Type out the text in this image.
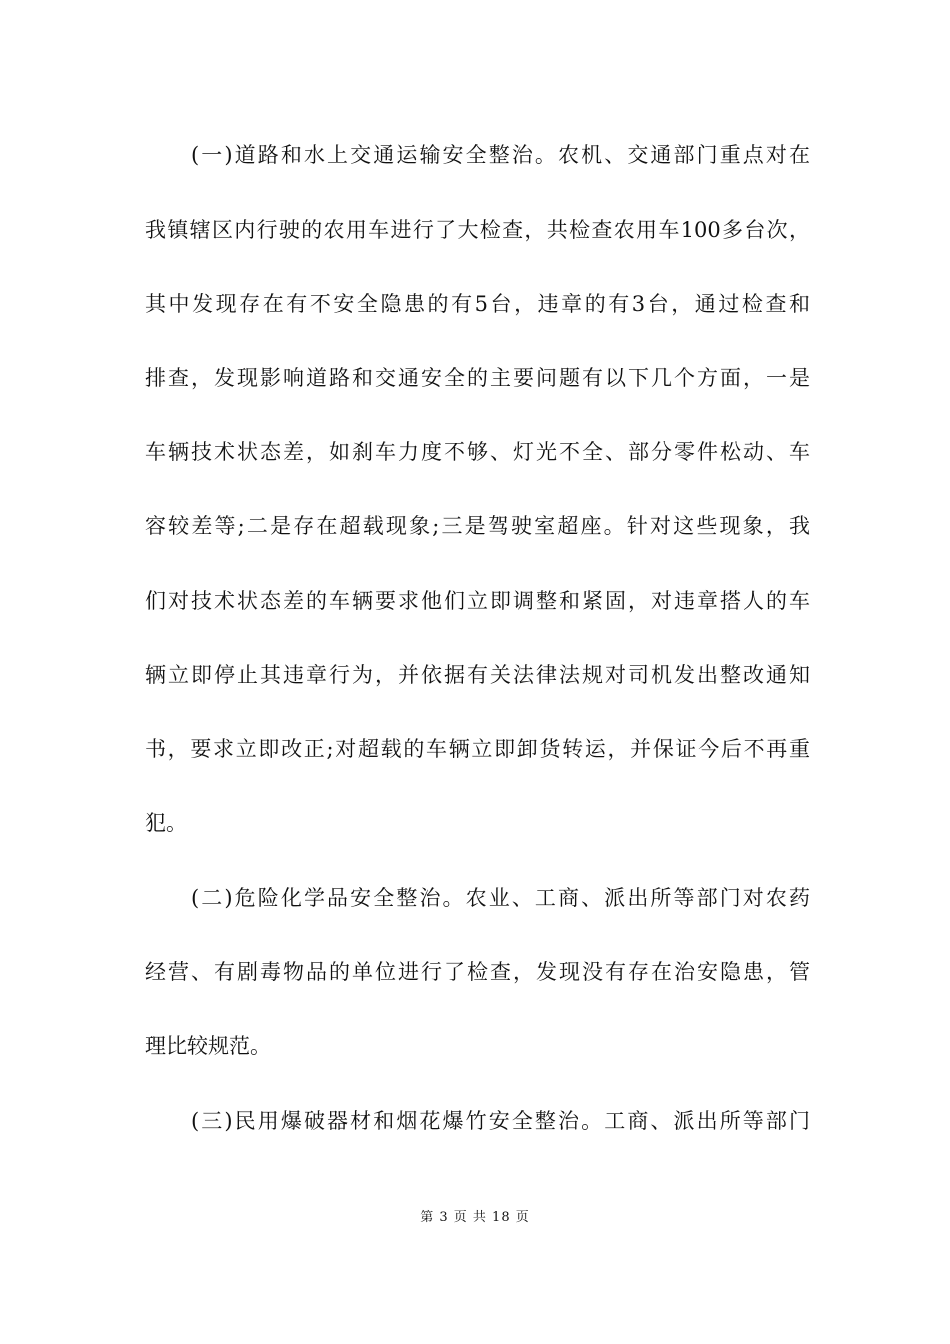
(一)道路和水上交通运输安全整治。农机、交通部门重点对在
我镇辖区内行驶的农用车进行了大检查，共检查农用车100多台次，
其中发现存在有不安全隐患的有5台，违章的有3台，通过检查和
排查，发现影响道路和交通安全的主要问题有以下几个方面，一是
车辆技术状态差，如刹车力度不够、灯光不全、部分零件松动、车
容较差等;二是存在超载现象;三是驾驶室超座。针对这些现象，我
们对技术状态差的车辆要求他们立即调整和紧固，对违章搭人的车
辆立即停止其违章行为，并依据有关法律法规对司机发出整改通知
书，要求立即改正;对超载的车辆立即卸货转运，并保证今后不再重
犯。
(二)危险化学品安全整治。农业、工商、派出所等部门对农药
经营、有剧毒物品的单位进行了检查，发现没有存在治安隐患，管
理比较规范。
(三)民用爆破器材和烟花爆竹安全整治。工商、派出所等部门
第 3 页 共 18 页
